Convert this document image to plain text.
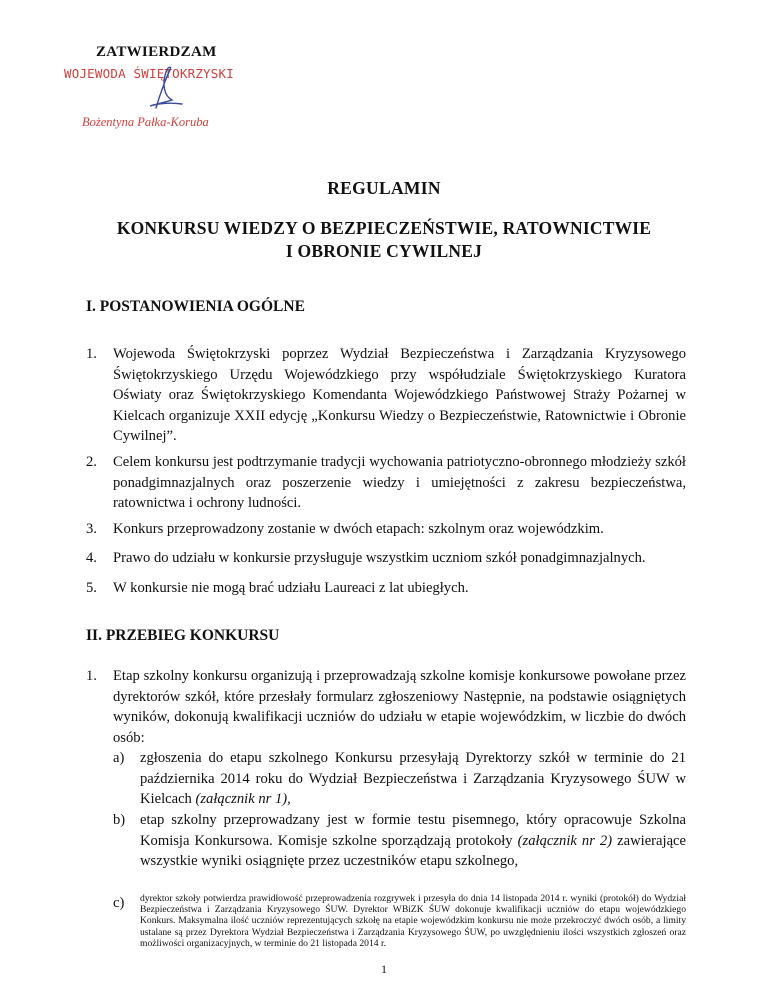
ZATWIERDZAM
WOJEWODA ŚWIĘTOKRZYSKI
Bożentyna Pałka-Koruba
REGULAMIN
KONKURSU WIEDZY O BEZPIECZEŃSTWIE, RATOWNICTWIE
I OBRONIE CYWILNEJ
I. POSTANOWIENIA OGÓLNE
1. Wojewoda Świętokrzyski poprzez Wydział Bezpieczeństwa i Zarządzania Kryzysowego Świętokrzyskiego Urzędu Wojewódzkiego przy współudziale Świętokrzyskiego Kuratora Oświaty oraz Świętokrzyskiego Komendanta Wojewódzkiego Państwowej Straży Pożarnej w Kielcach organizuje XXII edycję „Konkursu Wiedzy o Bezpieczeństwie, Ratownictwie i Obronie Cywilnej”.
2. Celem konkursu jest podtrzymanie tradycji wychowania patriotyczno-obronnego młodzieży szkół ponadgimnazjalnych oraz poszerzenie wiedzy i umiejętności z zakresu bezpieczeństwa, ratownictwa i ochrony ludności.
3. Konkurs przeprowadzony zostanie w dwóch etapach: szkolnym oraz wojewódzkim.
4. Prawo do udziału w konkursie przysługuje wszystkim uczniom szkół ponadgimnazjalnych.
5. W konkursie nie mogą brać udziału Laureaci z lat ubiegłych.
II. PRZEBIEG KONKURSU
1. Etap szkolny konkursu organizują i przeprowadzają szkolne komisje konkursowe powołane przez dyrektorów szkół, które przesłały formularz zgłoszeniowy Następnie, na podstawie osiągniętych wyników, dokonują kwalifikacji uczniów do udziału w etapie wojewódzkim, w liczbie do dwóch osób:
a) zgłoszenia do etapu szkolnego Konkursu przesyłają Dyrektorzy szkół w terminie do 21 października 2014 roku do Wydział Bezpieczeństwa i Zarządzania Kryzysowego ŚUW w Kielcach (załącznik nr 1),
b) etap szkolny przeprowadzany jest w formie testu pisemnego, który opracowuje Szkolna Komisja Konkursowa. Komisje szkolne sporządzają protokoły (załącznik nr 2) zawierające wszystkie wyniki osiągnięte przez uczestników etapu szkolnego,
c) dyrektor szkoły potwierdza prawidłowość przeprowadzenia rozgrywek i przesyła do dnia 14 listopada 2014 r. wyniki (protokół) do Wydział Bezpieczeństwa i Zarządzania Kryzysowego ŚUW. Dyrektor WBiZK ŚUW dokonuje kwalifikacji uczniów do etapu wojewódzkiego Konkurs. Maksymalna ilość uczniów reprezentujących szkołę na etapie wojewódzkim konkursu nie może przekroczyć dwóch osób, a limity ustalane są przez Dyrektora Wydział Bezpieczeństwa i Zarządzania Kryzysowego ŚUW, po uwzględnieniu ilości wszystkich zgłoszeń oraz możliwości organizacyjnych, w terminie do 21 listopada 2014 r.
1
